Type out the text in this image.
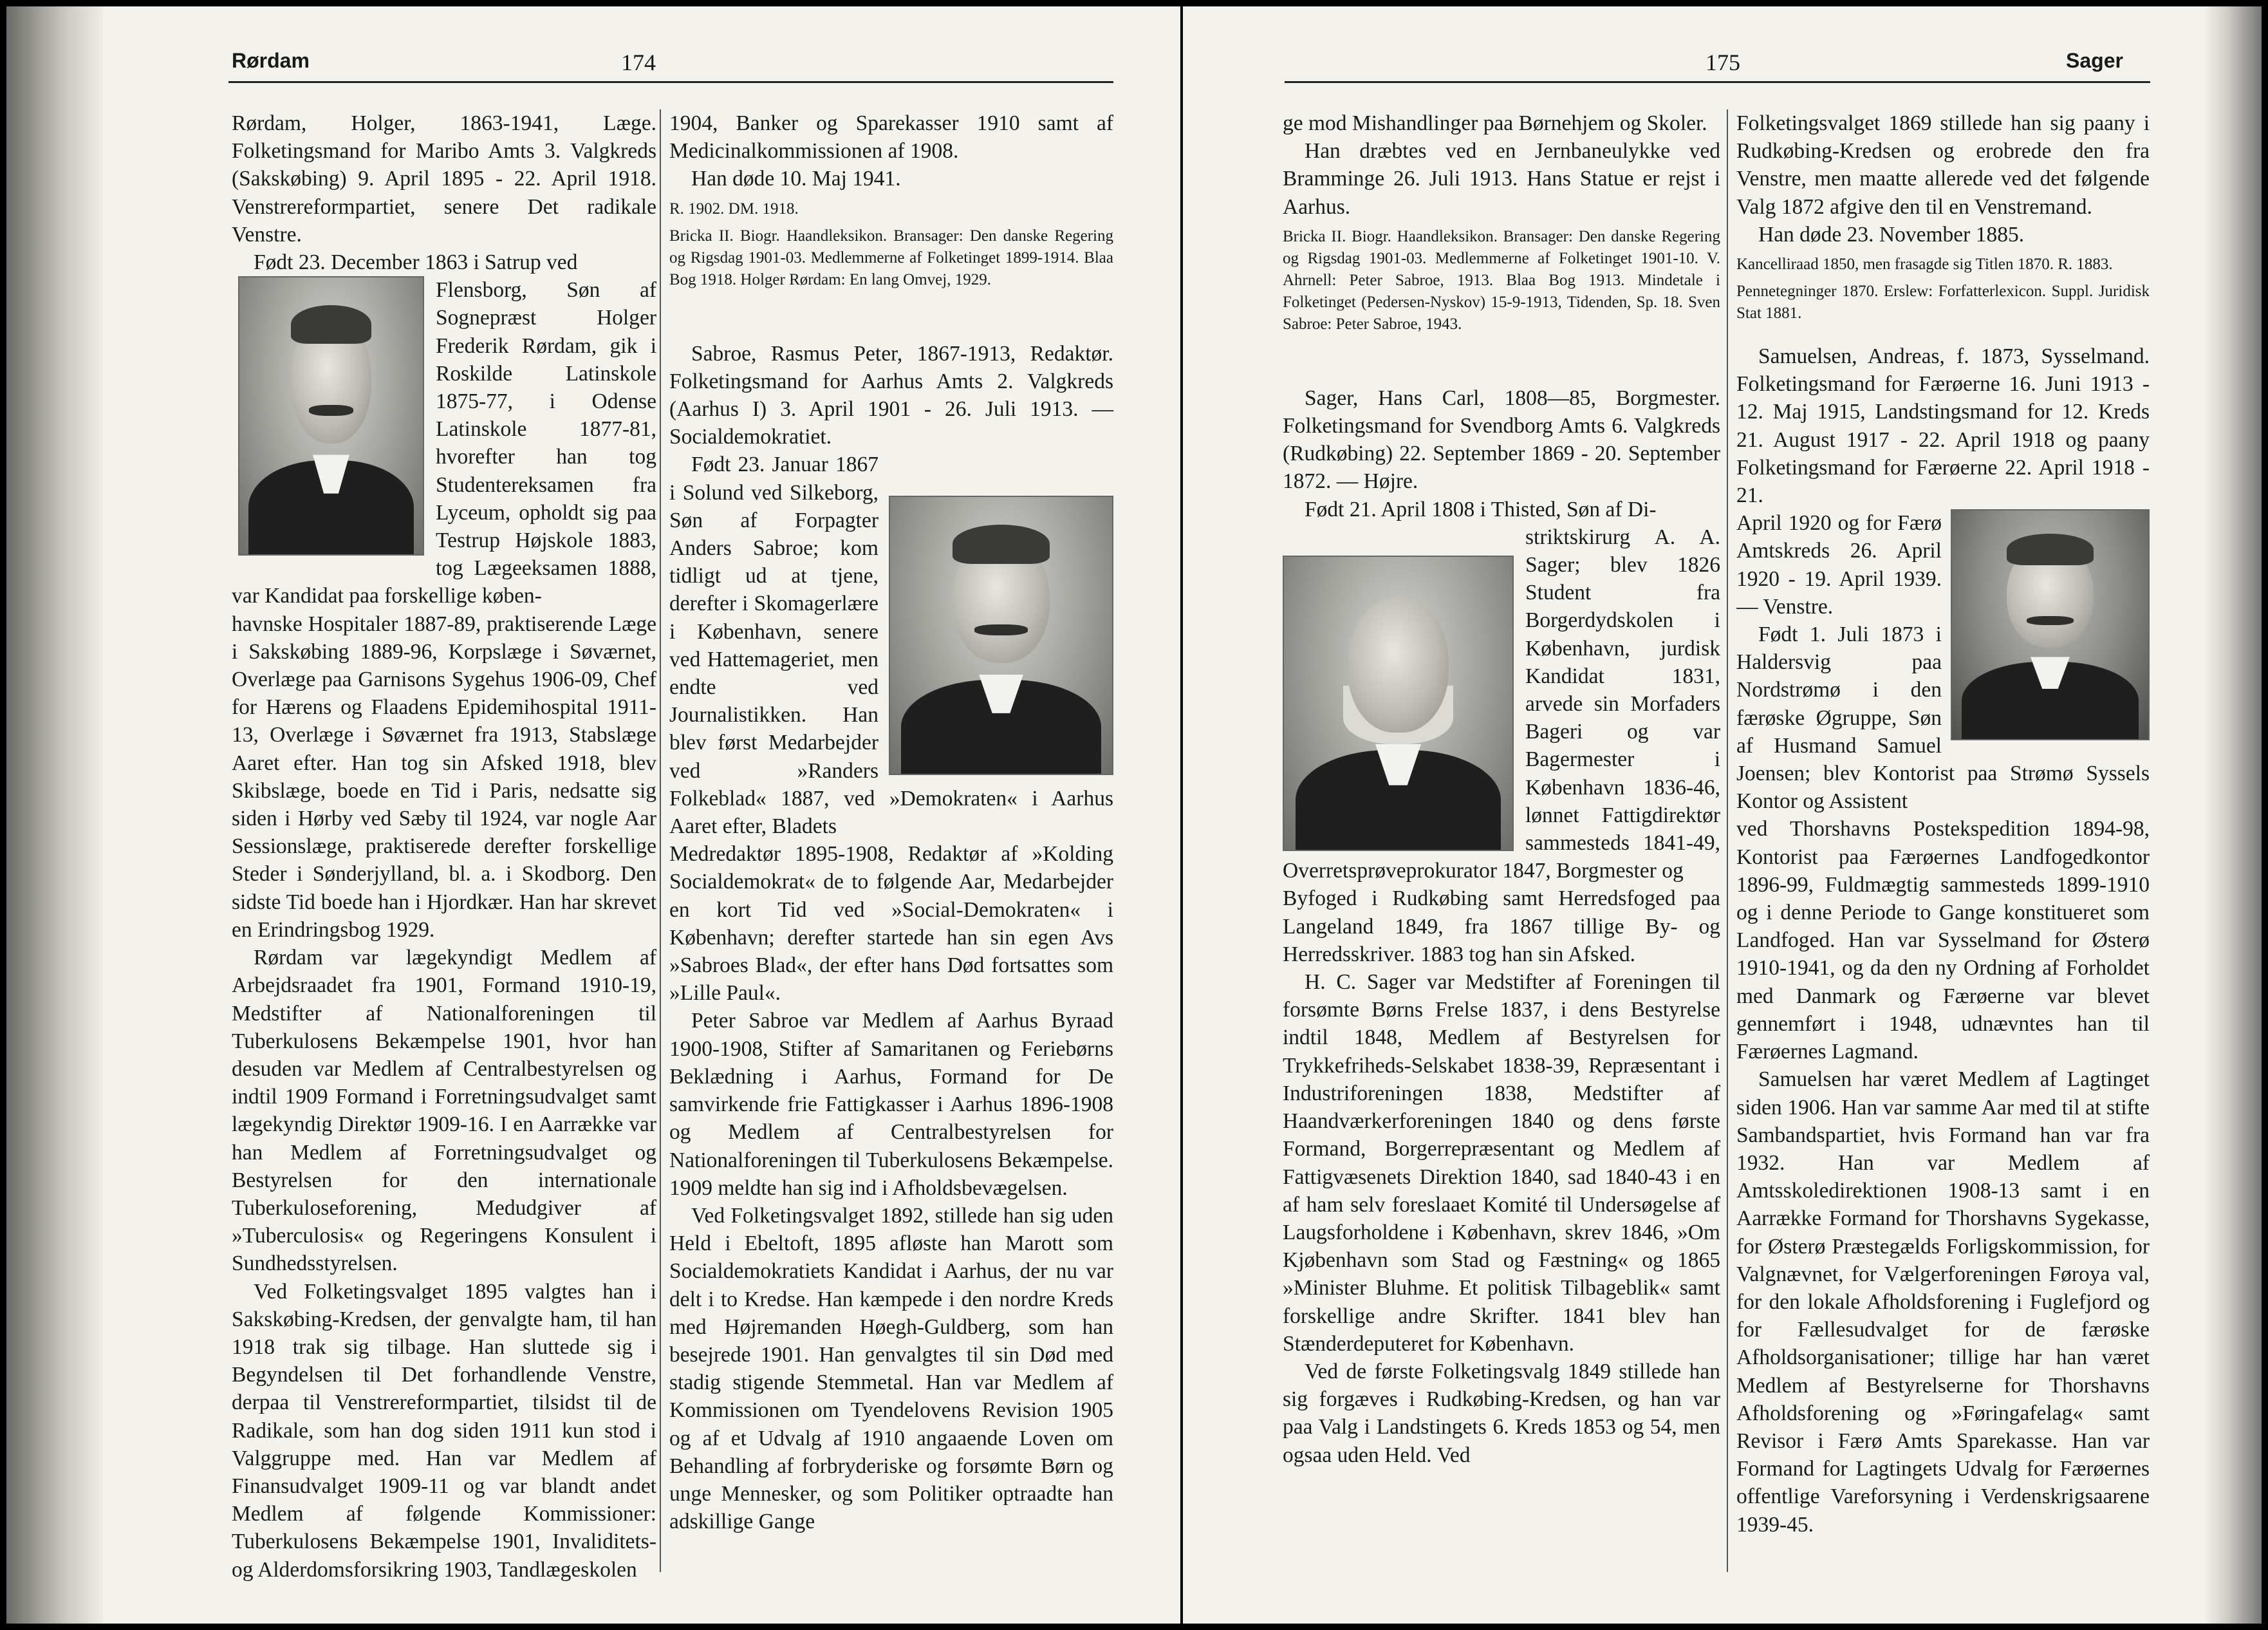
Rørdam	174

Rørdam, Holger, 1863-1941, Læge. Folketingsmand for Maribo Amts 3. Valgkreds (Sakskøbing) 9. April 1895 - 22. April 1918. Venstrereformpartiet, senere Det radikale Venstre.

Født 23. December 1863 i Satrup ved

Flensborg, Søn af Sognepræst Holger Frederik Rørdam, gik i Roskilde Latinskole 1875-77, i Odense Latinskole 1877-81, hvorefter han tog Studentereksamen fra Lyceum, opholdt sig paa Testrup Højskole 1883, tog Lægeeksamen 1888, var Kandidat paa forskellige køben-

havnske Hospitaler 1887-89, praktiserende Læge i Sakskøbing 1889-96, Korpslæge i Søværnet, Overlæge paa Garnisons Sygehus 1906-09, Chef for Hærens og Flaadens Epidemihospital 1911-13, Overlæge i Søværnet fra 1913, Stabslæge Aaret efter. Han tog sin Afsked 1918, blev Skibslæge, boede en Tid i Paris, nedsatte sig siden i Hørby ved Sæby til 1924, var nogle Aar Sessionslæge, praktiserede derefter forskellige Steder i Sønderjylland, bl. a. i Skodborg. Den sidste Tid boede han i Hjordkær. Han har skrevet en Erindringsbog 1929.

Rørdam var lægekyndigt Medlem af Arbejdsraadet fra 1901, Formand 1910-19, Medstifter af Nationalforeningen til Tuberkulosens Bekæmpelse 1901, hvor han desuden var Medlem af Centralbestyrelsen og indtil 1909 Formand i Forretningsudvalget samt lægekyndig Direktør 1909-16. I en Aarrække var han Medlem af Forretningsudvalget og Bestyrelsen for den internationale Tuberkuloseforening, Medudgiver af »Tuberculosis« og Regeringens Konsulent i Sundhedsstyrelsen.

Ved Folketingsvalget 1895 valgtes han i Sakskøbing-Kredsen, der genvalgte ham, til han 1918 trak sig tilbage. Han sluttede sig i Begyndelsen til Det forhandlende Venstre, derpaa til Venstrereformpartiet, tilsidst til de Radikale, som han dog siden 1911 kun stod i Valggruppe med. Han var Medlem af Finansudvalget 1909-11 og var blandt andet Medlem af følgende Kommissioner: Tuberkulosens Bekæmpelse 1901, Invaliditets- og Alderdomsforsikring 1903, Tandlægeskolen

1904, Banker og Sparekasser 1910 samt af Medicinalkommissionen af 1908.

Han døde 10. Maj 1941.

R. 1902. DM. 1918.

Bricka II. Biogr. Haandleksikon. Bransager: Den danske Regering og Rigsdag 1901-03. Medlemmerne af Folketinget 1899-1914. Blaa Bog 1918. Holger Rørdam: En lang Omvej, 1929.

Sabroe, Rasmus Peter, 1867-1913, Redaktør. Folketingsmand for Aarhus Amts 2. Valgkreds (Aarhus I) 3. April 1901 - 26. Juli 1913. — Socialdemokratiet.

Født 23. Januar 1867 i Solund ved Silkeborg, Søn af Forpagter Anders Sabroe; kom tidligt ud at tjene, derefter i Skomagerlære i København, senere ved Hattemageriet, men endte ved Journalistikken. Han blev først Medarbejder ved »Randers Folkeblad« 1887, ved »Demokraten« i Aarhus Aaret efter, Bladets

Medredaktør 1895-1908, Redaktør af »Kolding Socialdemokrat« de to følgende Aar, Medarbejder en kort Tid ved »Social-Demokraten« i København; derefter startede han sin egen Avs »Sabroes Blad«, der efter hans Død fortsattes som »Lille Paul«.

Peter Sabroe var Medlem af Aarhus Byraad 1900-1908, Stifter af Samaritanen og Feriebørns Beklædning i Aarhus, Formand for De samvirkende frie Fattigkasser i Aarhus 1896-1908 og Medlem af Centralbestyrelsen for Nationalforeningen til Tuberkulosens Bekæmpelse. 1909 meldte han sig ind i Afholdsbevægelsen.

Ved Folketingsvalget 1892, stillede han sig uden Held i Ebeltoft, 1895 afløste han Marott som Socialdemokratiets Kandidat i Aarhus, der nu var delt i to Kredse. Han kæmpede i den nordre Kreds med Højremanden Høegh-Guldberg, som han besejrede 1901. Han genvalgtes til sin Død med stadig stigende Stemmetal. Han var Medlem af Kommissionen om Tyendelovens Revision 1905 og af et Udvalg af 1910 angaaende Loven om Behandling af forbryderiske og forsømte Børn og unge Mennesker, og som Politiker optraadte han adskillige Gange

175	Sager

ge mod Mishandlinger paa Børnehjem og Skoler.

Han dræbtes ved en Jernbaneulykke ved Bramminge 26. Juli 1913. Hans Statue er rejst i Aarhus.

Bricka II. Biogr. Haandleksikon. Bransager: Den danske Regering og Rigsdag 1901-03. Medlemmerne af Folketinget 1901-10. V. Ahrnell: Peter Sabroe, 1913. Blaa Bog 1913. Mindetale i Folketinget (Pedersen-Nyskov) 15-9-1913, Tidenden, Sp. 18. Sven Sabroe: Peter Sabroe, 1943.

Sager, Hans Carl, 1808—85, Borgmester. Folketingsmand for Svendborg Amts 6. Valgkreds (Rudkøbing) 22. September 1869 - 20. September 1872. — Højre.

Født 21. April 1808 i Thisted, Søn af Di-

striktskirurg A. A. Sager; blev 1826 Student fra Borgerdydskolen i København, jurdisk Kandidat 1831, arvede sin Morfaders Bageri og var Bagermester i København 1836-46, lønnet Fattigdirektør sammesteds 1841-49, Overretsprøveprokurator 1847, Borgmester og

Byfoged i Rudkøbing samt Herredsfoged paa Langeland 1849, fra 1867 tillige By- og Herredsskriver. 1883 tog han sin Afsked.

H. C. Sager var Medstifter af Foreningen til forsømte Børns Frelse 1837, i dens Bestyrelse indtil 1848, Medlem af Bestyrelsen for Trykkefriheds-Selskabet 1838-39, Repræsentant i Industriforeningen 1838, Medstifter af Haandværkerforeningen 1840 og dens første Formand, Borgerrepræsentant og Medlem af Fattigvæsenets Direktion 1840, sad 1840-43 i en af ham selv foreslaaet Komité til Undersøgelse af Laugsforholdene i København, skrev 1846, »Om Kjøbenhavn som Stad og Fæstning« og 1865 »Minister Bluhme. Et politisk Tilbageblik« samt forskellige andre Skrifter. 1841 blev han Stænderdeputeret for København.

Ved de første Folketingsvalg 1849 stillede han sig forgæves i Rudkøbing-Kredsen, og han var paa Valg i Landstingets 6. Kreds 1853 og 54, men ogsaa uden Held. Ved

Folketingsvalget 1869 stillede han sig paany i Rudkøbing-Kredsen og erobrede den fra Venstre, men maatte allerede ved det følgende Valg 1872 afgive den til en Venstremand.

Han døde 23. November 1885.

Kancelliraad 1850, men frasagde sig Titlen 1870. R. 1883.

Pennetegninger 1870. Erslew: Forfatterlexicon. Suppl. Juridisk Stat 1881.

Samuelsen, Andreas, f. 1873, Sysselmand. Folketingsmand for Færøerne 16. Juni 1913 - 12. Maj 1915, Landstingsmand for 12. Kreds 21. August 1917 - 22. April 1918 og paany Folketingsmand for Færøerne 22. April 1918 - 21.

April 1920 og for Færø Amtskreds 26. April 1920 - 19. April 1939. — Venstre.

Født 1. Juli 1873 i Haldersvig paa Nordstrømø i den færøske Øgruppe, Søn af Husmand Samuel Joensen; blev Kontorist paa Strømø Syssels Kontor og Assistent

ved Thorshavns Postekspedition 1894-98, Kontorist paa Færøernes Landfogedkontor 1896-99, Fuldmægtig sammesteds 1899-1910 og i denne Periode to Gange konstitueret som Landfoged. Han var Sysselmand for Østerø 1910-1941, og da den ny Ordning af Forholdet med Danmark og Færøerne var blevet gennemført i 1948, udnævntes han til Færøernes Lagmand.

Samuelsen har været Medlem af Lagtinget siden 1906. Han var samme Aar med til at stifte Sambandspartiet, hvis Formand han var fra 1932. Han var Medlem af Amtsskoledirektionen 1908-13 samt i en Aarrække Formand for Thorshavns Sygekasse, for Østerø Præstegælds Forligskommission, for Valgnævnet, for Vælgerforeningen Føroya val, for den lokale Afholdsforening i Fuglefjord og for Fællesudvalget for de færøske Afholdsorganisationer; tillige har han været Medlem af Bestyrelserne for Thorshavns Afholdsforening og »Føringafelag« samt Revisor i Færø Amts Sparekasse. Han var Formand for Lagtingets Udvalg for Færøernes offentlige Vareforsyning i Verdenskrigsaarene 1939-45.
